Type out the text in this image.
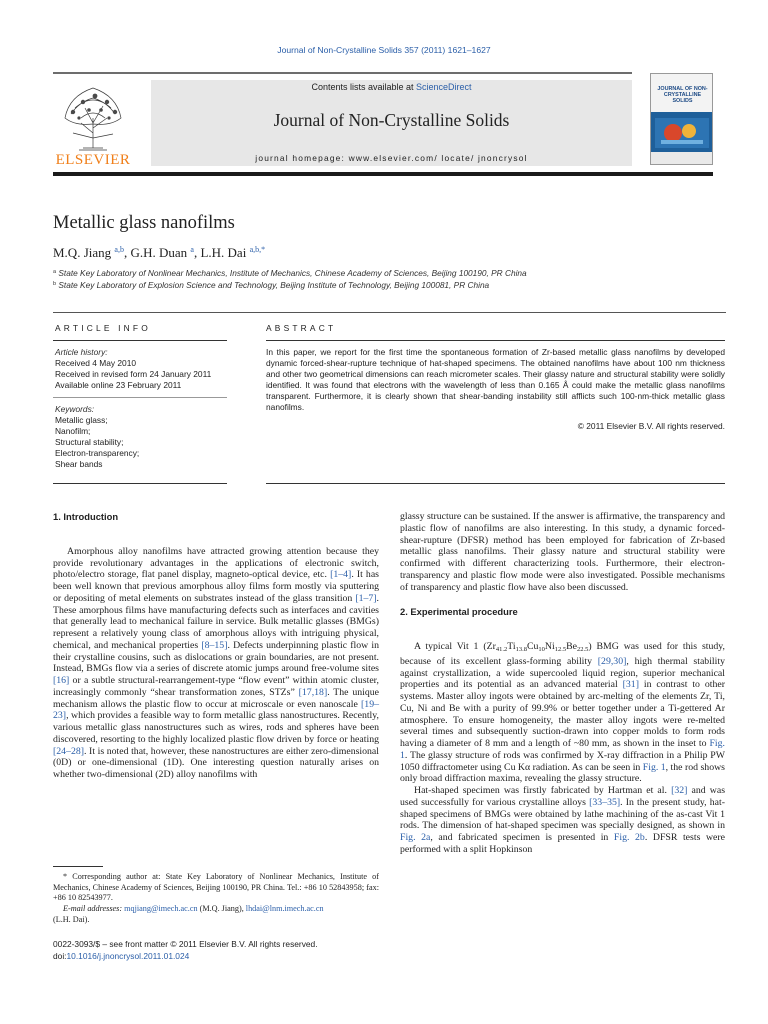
Journal of Non-Crystalline Solids 357 (2011) 1621–1627
ELSEVIER
Contents lists available at ScienceDirect
Journal of Non-Crystalline Solids
journal homepage: www.elsevier.com/ locate/ jnoncrysol
JOURNAL OF NON-CRYSTALLINE SOLIDS
Metallic glass nanofilms
M.Q. Jiang $^{a,b}$, G.H. Duan $^a$, L.H. Dai $^{a,b,*}$
$^a$ State Key Laboratory of Nonlinear Mechanics, Institute of Mechanics, Chinese Academy of Sciences, Beijing 100190, PR China
$^b$ State Key Laboratory of Explosion Science and Technology, Beijing Institute of Technology, Beijing 100081, PR China
ARTICLE INFO	ABSTRACT
Article history:
Received 4 May 2010
Received in revised form 24 January 2011
Available online 23 February 2011
Keywords:
Metallic glass;
Nanofilm;
Structural stability;
Electron-transparency;
Shear bands
In this paper, we report for the first time the spontaneous formation of Zr-based metallic glass nanofilms by developed dynamic forced-shear-rupture technique of hat-shaped specimens. The obtained nanofilms have about 100 nm thickness and other two geometrical dimensions can reach micrometer scales. Their glassy nature and structural stability were solidly identified. It was found that electrons with the wavelength of less than 0.165 Å could make the metallic glass nanofilms transparent. Furthermore, it is clearly shown that shear-banding instability still afflicts such 100-nm-thick metallic glass nanofilms.
© 2011 Elsevier B.V. All rights reserved.

1. Introduction

Amorphous alloy nanofilms have attracted growing attention because they provide revolutionary advantages in the applications of electronic switch, photo/electro storage, flat panel display, magneto-optical device, etc. [1–4]. It has been well known that previous amorphous alloy films form mostly via sputtering or depositing of metal elements on substrates instead of the glass transition [1–7]. These amorphous films have manufacturing defects such as interfaces and cavities that generally lead to mechanical failure in service. Bulk metallic glasses (BMGs) represent a relatively young class of amorphous alloys with intriguing physical, chemical, and mechanical properties [8–15]. Defects underpinning plastic flow in their crystalline cousins, such as dislocations or grain boundaries, are not present. Instead, BMGs flow via a series of discrete atomic jumps around free-volume sites [16] or a subtle structural-rearrangement-type “flow event” within atomic cluster, increasingly commonly “shear transformation zones, STZs” [17,18]. The unique mechanism allows the plastic flow to occur at microscale or even nanoscale [19–23], which provides a feasible way to form metallic glass nanostructures. Recently, various metallic glass nanostructures such as wires, rods and spheres have been discovered, resorting to the highly localized plastic flow driven by force or heating [24–28]. It is noted that, however, these nanostructures are either zero-dimensional (0D) or one-dimensional (1D). One interesting question naturally arises on whether two-dimensional (2D) alloy nanofilms with

glassy structure can be sustained. If the answer is affirmative, the transparency and plastic flow of nanofilms are also interesting. In this study, a dynamic forced-shear-rupture (DFSR) method has been employed for fabrication of Zr-based metallic glass nanofilms. Their glassy nature and structural stability were confirmed with different characterizing tools. Furthermore, their electron-transparency and plastic flow mode were also investigated. Possible mechanisms of transparency and plastic flow have also been discussed.

2. Experimental procedure

A typical Vit 1 $(Zr_{41.2}Ti_{13.8}Cu_{10}Ni_{12.5}Be_{22.5})$ BMG was used for this study, because of its excellent glass-forming ability [29,30], high thermal stability against crystallization, a wide supercooled liquid region, superior mechanical properties and its potential as an advanced material [31] in contrast to other systems. Master alloy ingots were obtained by arc-melting of the elements Zr, Ti, Cu, Ni and Be with a purity of 99.9% or better together under a Ti-gettered Ar atmosphere. To ensure homogeneity, the master alloy ingots were re-melted several times and subsequently suction-drawn into copper molds to form rods having a diameter of 8 mm and a length of ~80 mm, as shown in the inset to Fig. 1. The glassy structure of rods was confirmed by X-ray diffraction in a Philip PW 1050 diffractometer using Cu Kα radiation. As can be seen in Fig. 1, the rod shows only broad diffraction maxima, revealing the glassy structure.

Hat-shaped specimen was firstly fabricated by Hartman et al. [32] and was used successfully for various crystalline alloys [33–35]. In the present study, hat-shaped specimens of BMGs were obtained by lathe machining of the as-cast Vit 1 rods. The dimension of hat-shaped specimen was specially designed, as shown in Fig. 2a, and fabricated specimen is presented in Fig. 2b. DFSR tests were performed with a split Hopkinson

* Corresponding author at: State Key Laboratory of Nonlinear Mechanics, Institute of Mechanics, Chinese Academy of Sciences, Beijing 100190, PR China. Tel.: +86 10 52843958; fax: +86 10 82543977.

E-mail addresses: mqjiang@imech.ac.cn (M.Q. Jiang), lhdai@lnm.imech.ac.cn

(L.H. Dai).

0022-3093/$ – see front matter © 2011 Elsevier B.V. All rights reserved.
doi:10.1016/j.jnoncrysol.2011.01.024
